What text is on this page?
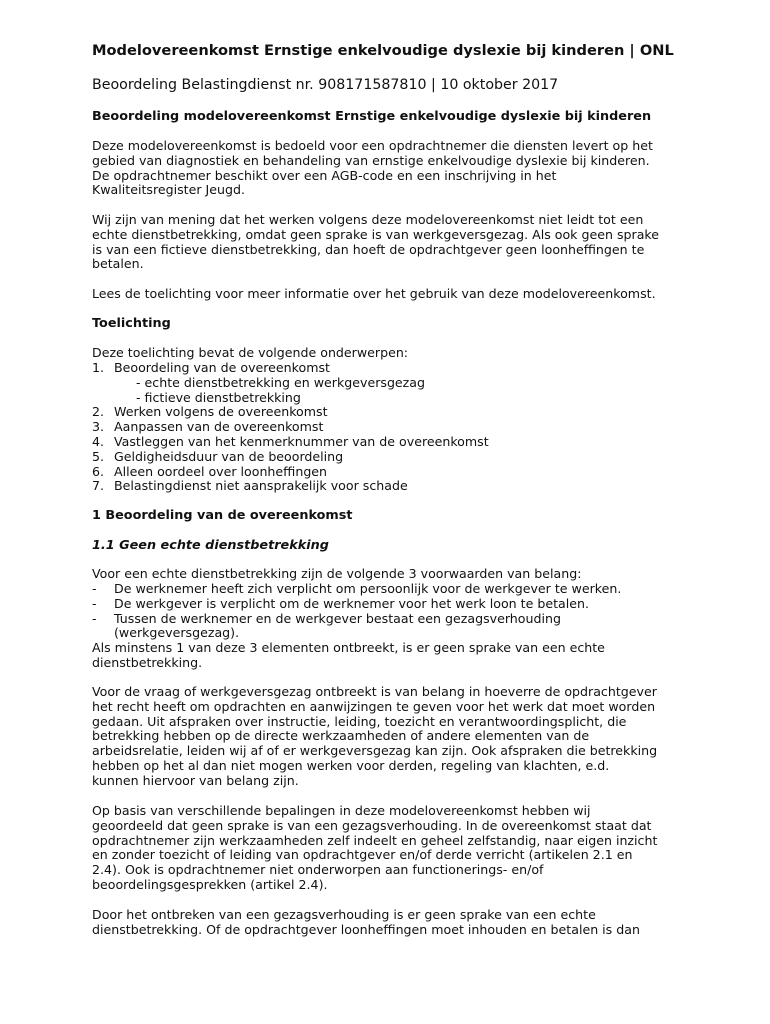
Modelovereenkomst Ernstige enkelvoudige dyslexie bij kinderen | ONL
Beoordeling Belastingdienst nr. 908171587810 | 10 oktober 2017
Beoordeling modelovereenkomst Ernstige enkelvoudige dyslexie bij kinderen
Deze modelovereenkomst is bedoeld voor een opdrachtnemer die diensten levert op het
gebied van diagnostiek en behandeling van ernstige enkelvoudige dyslexie bij kinderen.
De opdrachtnemer beschikt over een AGB-code en een inschrijving in het
Kwaliteitsregister Jeugd.
Wij zijn van mening dat het werken volgens deze modelovereenkomst niet leidt tot een
echte dienstbetrekking, omdat geen sprake is van werkgeversgezag. Als ook geen sprake
is van een fictieve dienstbetrekking, dan hoeft de opdrachtgever geen loonheffingen te
betalen.
Lees de toelichting voor meer informatie over het gebruik van deze modelovereenkomst.
Toelichting
Deze toelichting bevat de volgende onderwerpen:
1. Beoordeling van de overeenkomst
- echte dienstbetrekking en werkgeversgezag
- fictieve dienstbetrekking
2. Werken volgens de overeenkomst
3. Aanpassen van de overeenkomst
4. Vastleggen van het kenmerknummer van de overeenkomst
5. Geldigheidsduur van de beoordeling
6. Alleen oordeel over loonheffingen
7. Belastingdienst niet aansprakelijk voor schade
1 Beoordeling van de overeenkomst
1.1 Geen echte dienstbetrekking
Voor een echte dienstbetrekking zijn de volgende 3 voorwaarden van belang:
- De werknemer heeft zich verplicht om persoonlijk voor de werkgever te werken.
- De werkgever is verplicht om de werknemer voor het werk loon te betalen.
- Tussen de werknemer en de werkgever bestaat een gezagsverhouding
(werkgeversgezag).
Als minstens 1 van deze 3 elementen ontbreekt, is er geen sprake van een echte
dienstbetrekking.
Voor de vraag of werkgeversgezag ontbreekt is van belang in hoeverre de opdrachtgever
het recht heeft om opdrachten en aanwijzingen te geven voor het werk dat moet worden
gedaan. Uit afspraken over instructie, leiding, toezicht en verantwoordingsplicht, die
betrekking hebben op de directe werkzaamheden of andere elementen van de
arbeidsrelatie, leiden wij af of er werkgeversgezag kan zijn. Ook afspraken die betrekking
hebben op het al dan niet mogen werken voor derden, regeling van klachten, e.d.
kunnen hiervoor van belang zijn.
Op basis van verschillende bepalingen in deze modelovereenkomst hebben wij
geoordeeld dat geen sprake is van een gezagsverhouding. In de overeenkomst staat dat
opdrachtnemer zijn werkzaamheden zelf indeelt en geheel zelfstandig, naar eigen inzicht
en zonder toezicht of leiding van opdrachtgever en/of derde verricht (artikelen 2.1 en
2.4). Ook is opdrachtnemer niet onderworpen aan functionerings- en/of
beoordelingsgesprekken (artikel 2.4).
Door het ontbreken van een gezagsverhouding is er geen sprake van een echte
dienstbetrekking. Of de opdrachtgever loonheffingen moet inhouden en betalen is dan
